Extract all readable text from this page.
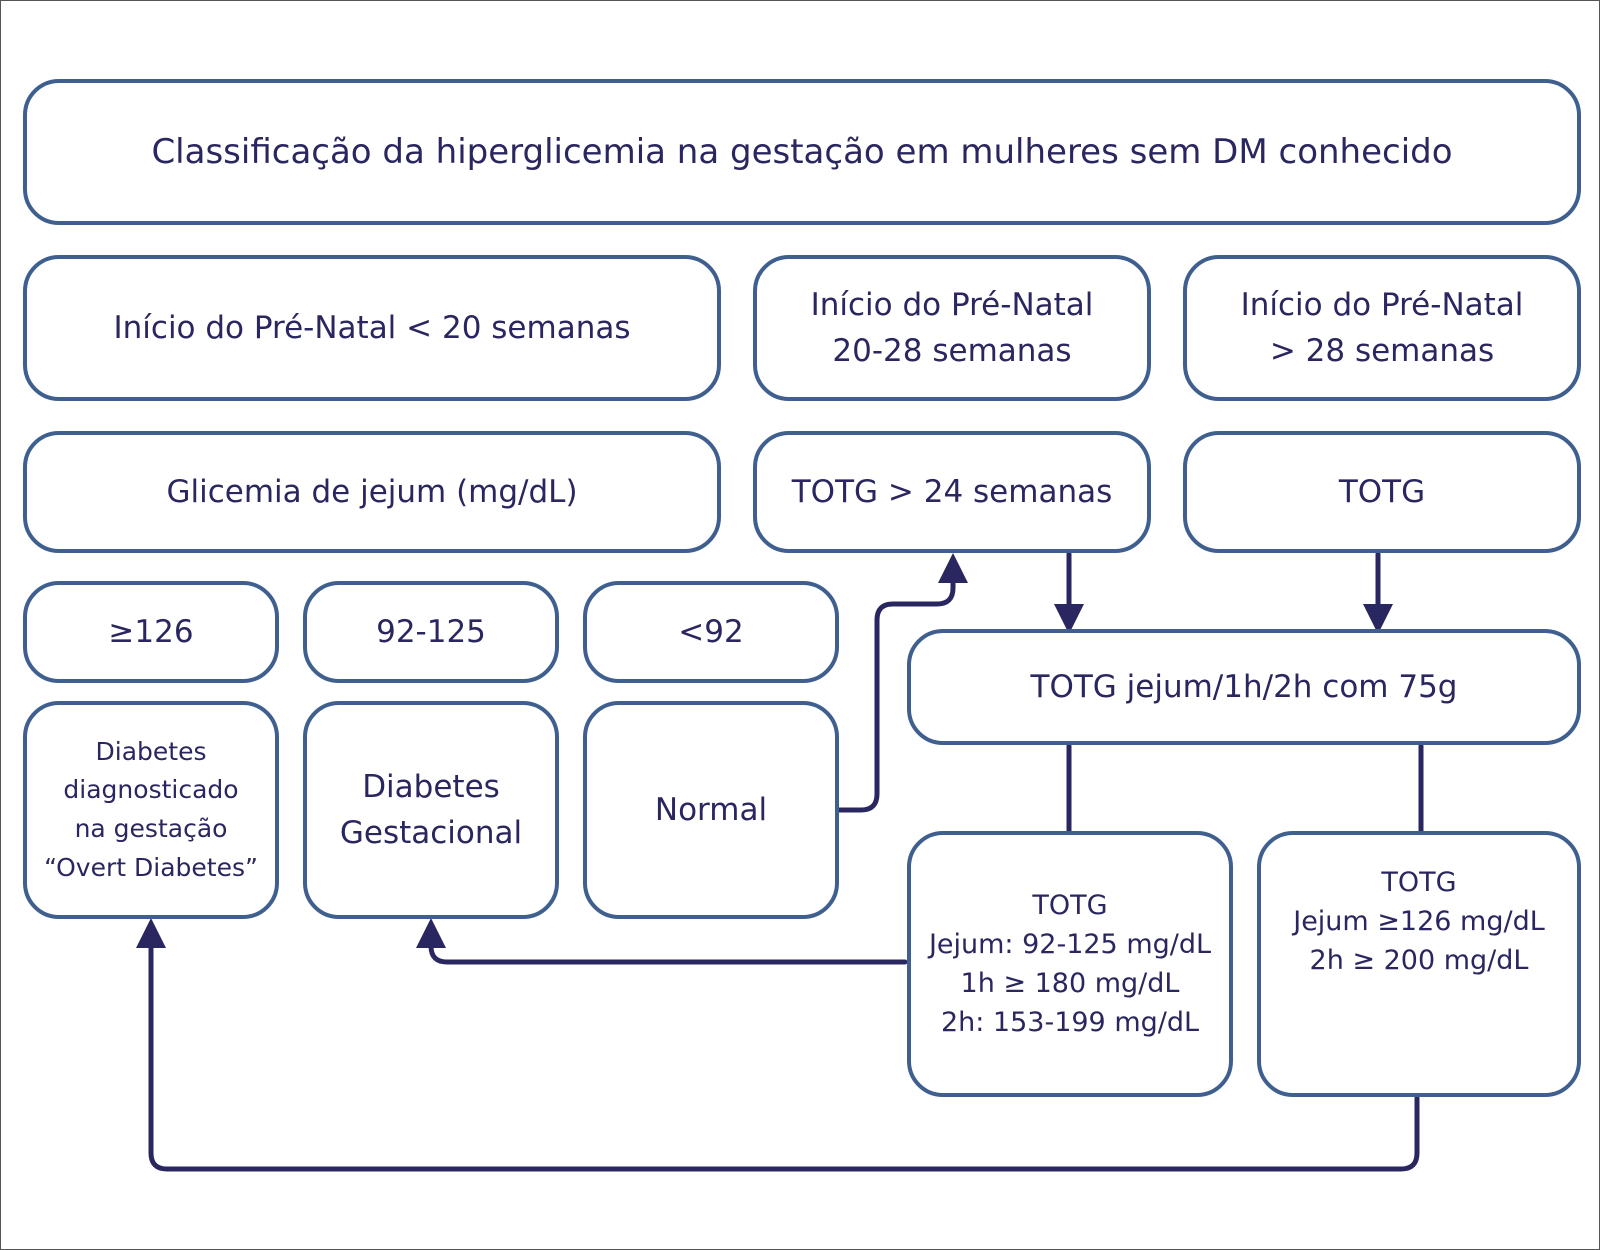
Classificação da hiperglicemia na gestação em mulheres sem DM conhecido
Início do Pré-Natal < 20 semanas
Início do Pré-Natal
20-28 semanas
Início do Pré-Natal
> 28 semanas
Glicemia de jejum (mg/dL)	TOTG > 24 semanas	TOTG
≥126	92-125	<92
TOTG jejum/1h/2h com 75g
Diabetes
diagnosticado
na gestação
“Overt Diabetes”
Diabetes
Gestacional
Normal
TOTG
Jejum: 92-125 mg/dL
1h ≥ 180 mg/dL
2h: 153-199 mg/dL
TOTG
Jejum ≥126 mg/dL
2h ≥ 200 mg/dL
